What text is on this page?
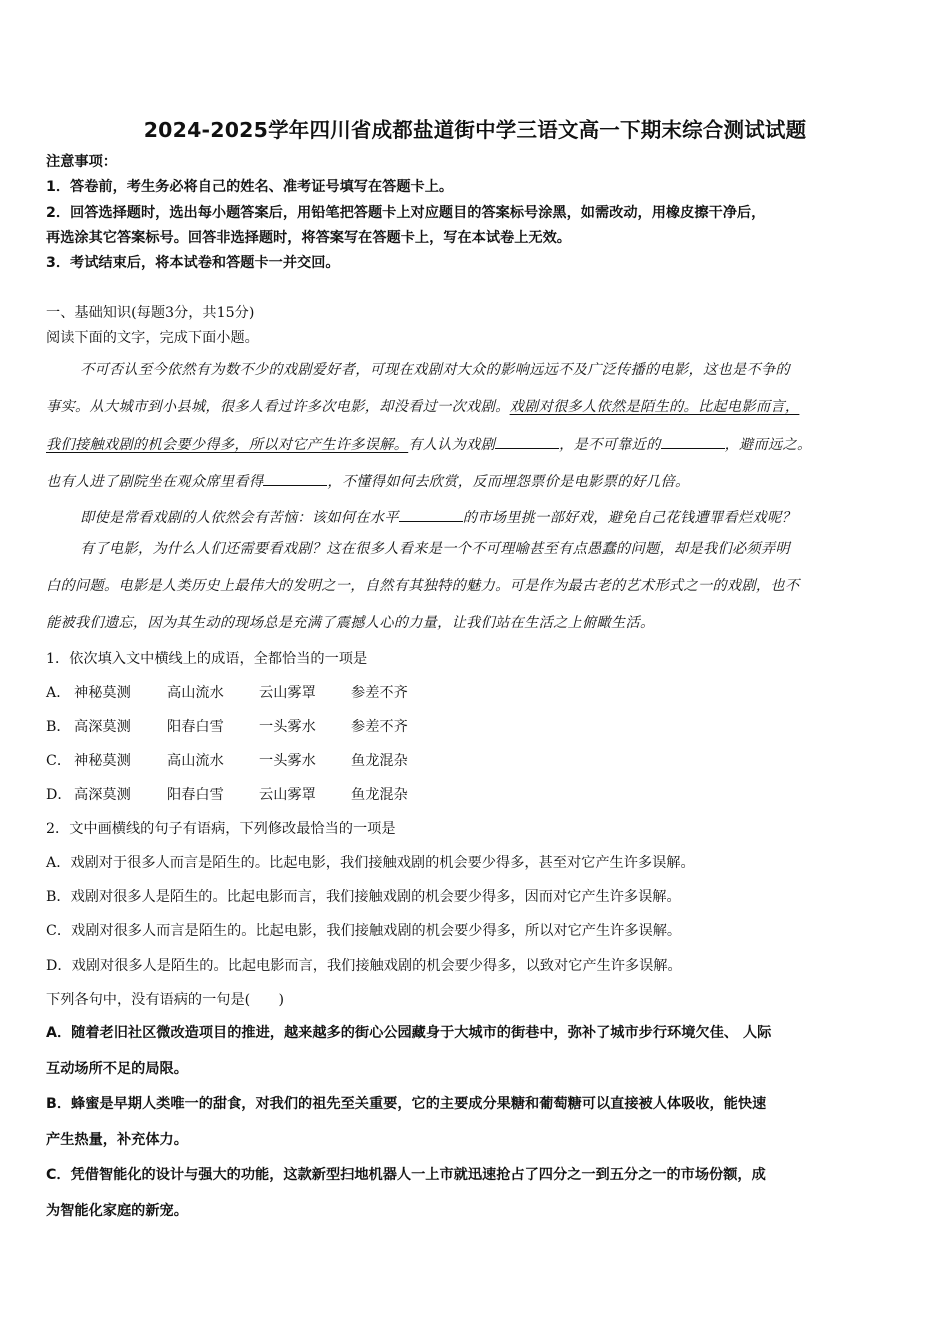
2024-2025学年四川省成都盐道街中学三语文高一下期末综合测试试题
注意事项：
1．答卷前，考生务必将自己的姓名、准考证号填写在答题卡上。
2．回答选择题时，选出每小题答案后，用铅笔把答题卡上对应题目的答案标号涂黑，如需改动，用橡皮擦干净后，
再选涂其它答案标号。回答非选择题时，将答案写在答题卡上，写在本试卷上无效。
3．考试结束后，将本试卷和答题卡一并交回。
一、基础知识(每题3分，共15分)
阅读下面的文字，完成下面小题。
不可否认至今依然有为数不少的戏剧爱好者，可现在戏剧对大众的影响远远不及广泛传播的电影，这也是不争的
事实。从大城市到小县城，很多人看过许多次电影，却没看过一次戏剧。戏剧对很多人依然是陌生的。比起电影而言，
我们接触戏剧的机会要少得多，所以对它产生许多误解。有人认为戏剧	，是不可靠近的	，避而远之。
也有人进了剧院坐在观众席里看得	，不懂得如何去欣赏，反而埋怨票价是电影票的好几倍。
即使是常看戏剧的人依然会有苦恼：该如何在水平	的市场里挑一部好戏，避免自己花钱遭罪看烂戏呢？
有了电影，为什么人们还需要看戏剧？这在很多人看来是一个不可理喻甚至有点愚蠢的问题，却是我们必须弄明
白的问题。电影是人类历史上最伟大的发明之一，自然有其独特的魅力。可是作为最古老的艺术形式之一的戏剧，也不
能被我们遗忘，因为其生动的现场总是充满了震撼人心的力量，让我们站在生活之上俯瞰生活。
1．依次填入文中横线上的成语，全都恰当的一项是
A． 神秘莫测	高山流水 云山雾罩 参差不齐
B． 高深莫测	阳春白雪 一头雾水 参差不齐
C． 神秘莫测	高山流水 一头雾水 鱼龙混杂
D． 高深莫测	阳春白雪 云山雾罩 鱼龙混杂
2．文中画横线的句子有语病，下列修改最恰当的一项是
A．戏剧对于很多人而言是陌生的。比起电影，我们接触戏剧的机会要少得多，甚至对它产生许多误解。
B．戏剧对很多人是陌生的。比起电影而言，我们接触戏剧的机会要少得多，因而对它产生许多误解。
C．戏剧对很多人而言是陌生的。比起电影，我们接触戏剧的机会要少得多，所以对它产生许多误解。
D．戏剧对很多人是陌生的。比起电影而言，我们接触戏剧的机会要少得多，以致对它产生许多误解。
下列各句中，没有语病的一句是(　　)
A．随着老旧社区微改造项目的推进，越来越多的街心公园藏身于大城市的街巷中，弥补了城市步行环境欠佳、 人际
互动场所不足的局限。
B．蜂蜜是早期人类唯一的甜食，对我们的祖先至关重要，它的主要成分果糖和葡萄糖可以直接被人体吸收，能快速
产生热量，补充体力。
C．凭借智能化的设计与强大的功能，这款新型扫地机器人一上市就迅速抢占了四分之一到五分之一的市场份额，成
为智能化家庭的新宠。
